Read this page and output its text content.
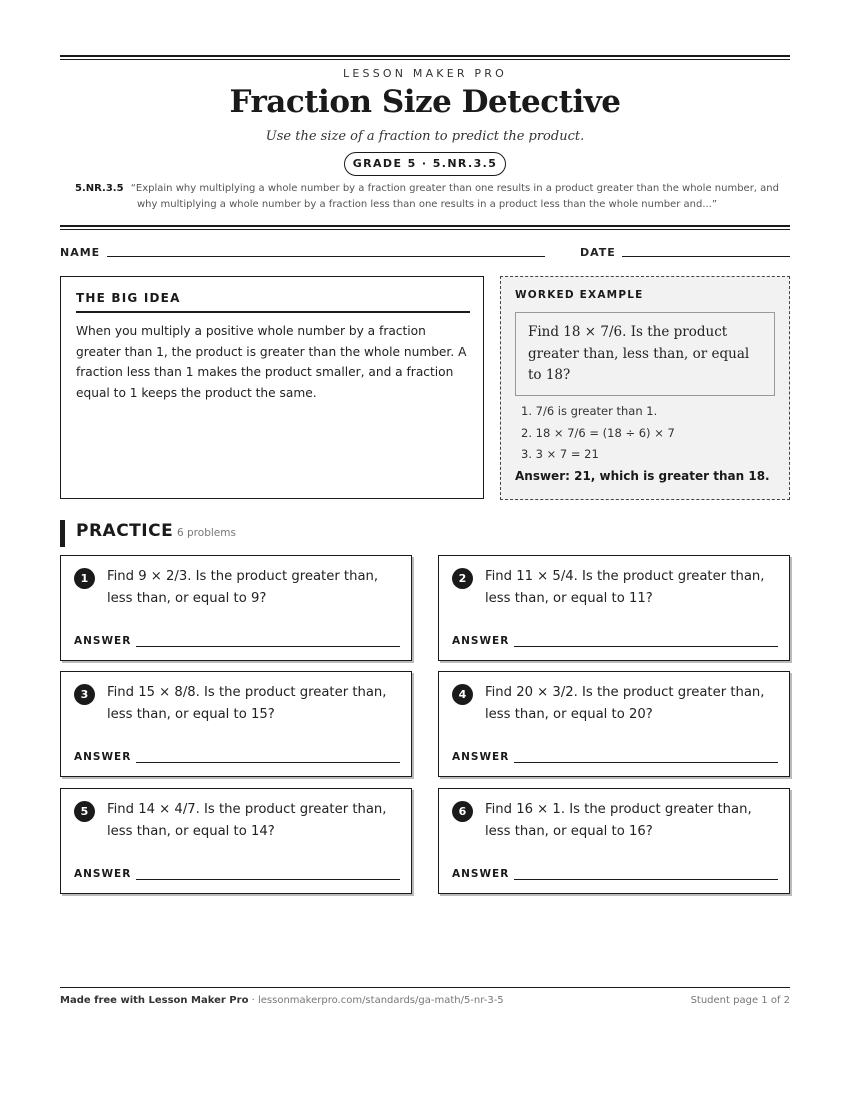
LESSON MAKER PRO
Fraction Size Detective
Use the size of a fraction to predict the product.
GRADE 5 · 5.NR.3.5
5.NR.3.5 “Explain why multiplying a whole number by a fraction greater than one results in a product greater than the whole number, and why multiplying a whole number by a fraction less than one results in a product less than the whole number and...”
NAME	DATE
THE BIG IDEA
When you multiply a positive whole number by a fraction greater than 1, the product is greater than the whole number. A fraction less than 1 makes the product smaller, and a fraction equal to 1 keeps the product the same.
WORKED EXAMPLE
Find 18 × 7/6. Is the product greater than, less than, or equal to 18?
1. 7/6 is greater than 1.
2. 18 × 7/6 = (18 ÷ 6) × 7
3. 3 × 7 = 21
Answer: 21, which is greater than 18.
PRACTICE 6 problems
1	Find 9 × 2/3. Is the product greater than, less than, or equal to 9?
ANSWER
2	Find 11 × 5/4. Is the product greater than, less than, or equal to 11?
ANSWER
3	Find 15 × 8/8. Is the product greater than, less than, or equal to 15?
ANSWER
4	Find 20 × 3/2. Is the product greater than, less than, or equal to 20?
ANSWER
5	Find 14 × 4/7. Is the product greater than, less than, or equal to 14?
ANSWER
6	Find 16 × 1. Is the product greater than, less than, or equal to 16?
ANSWER
Made free with Lesson Maker Pro · lessonmakerpro.com/standards/ga-math/5-nr-3-5	Student page 1 of 2
